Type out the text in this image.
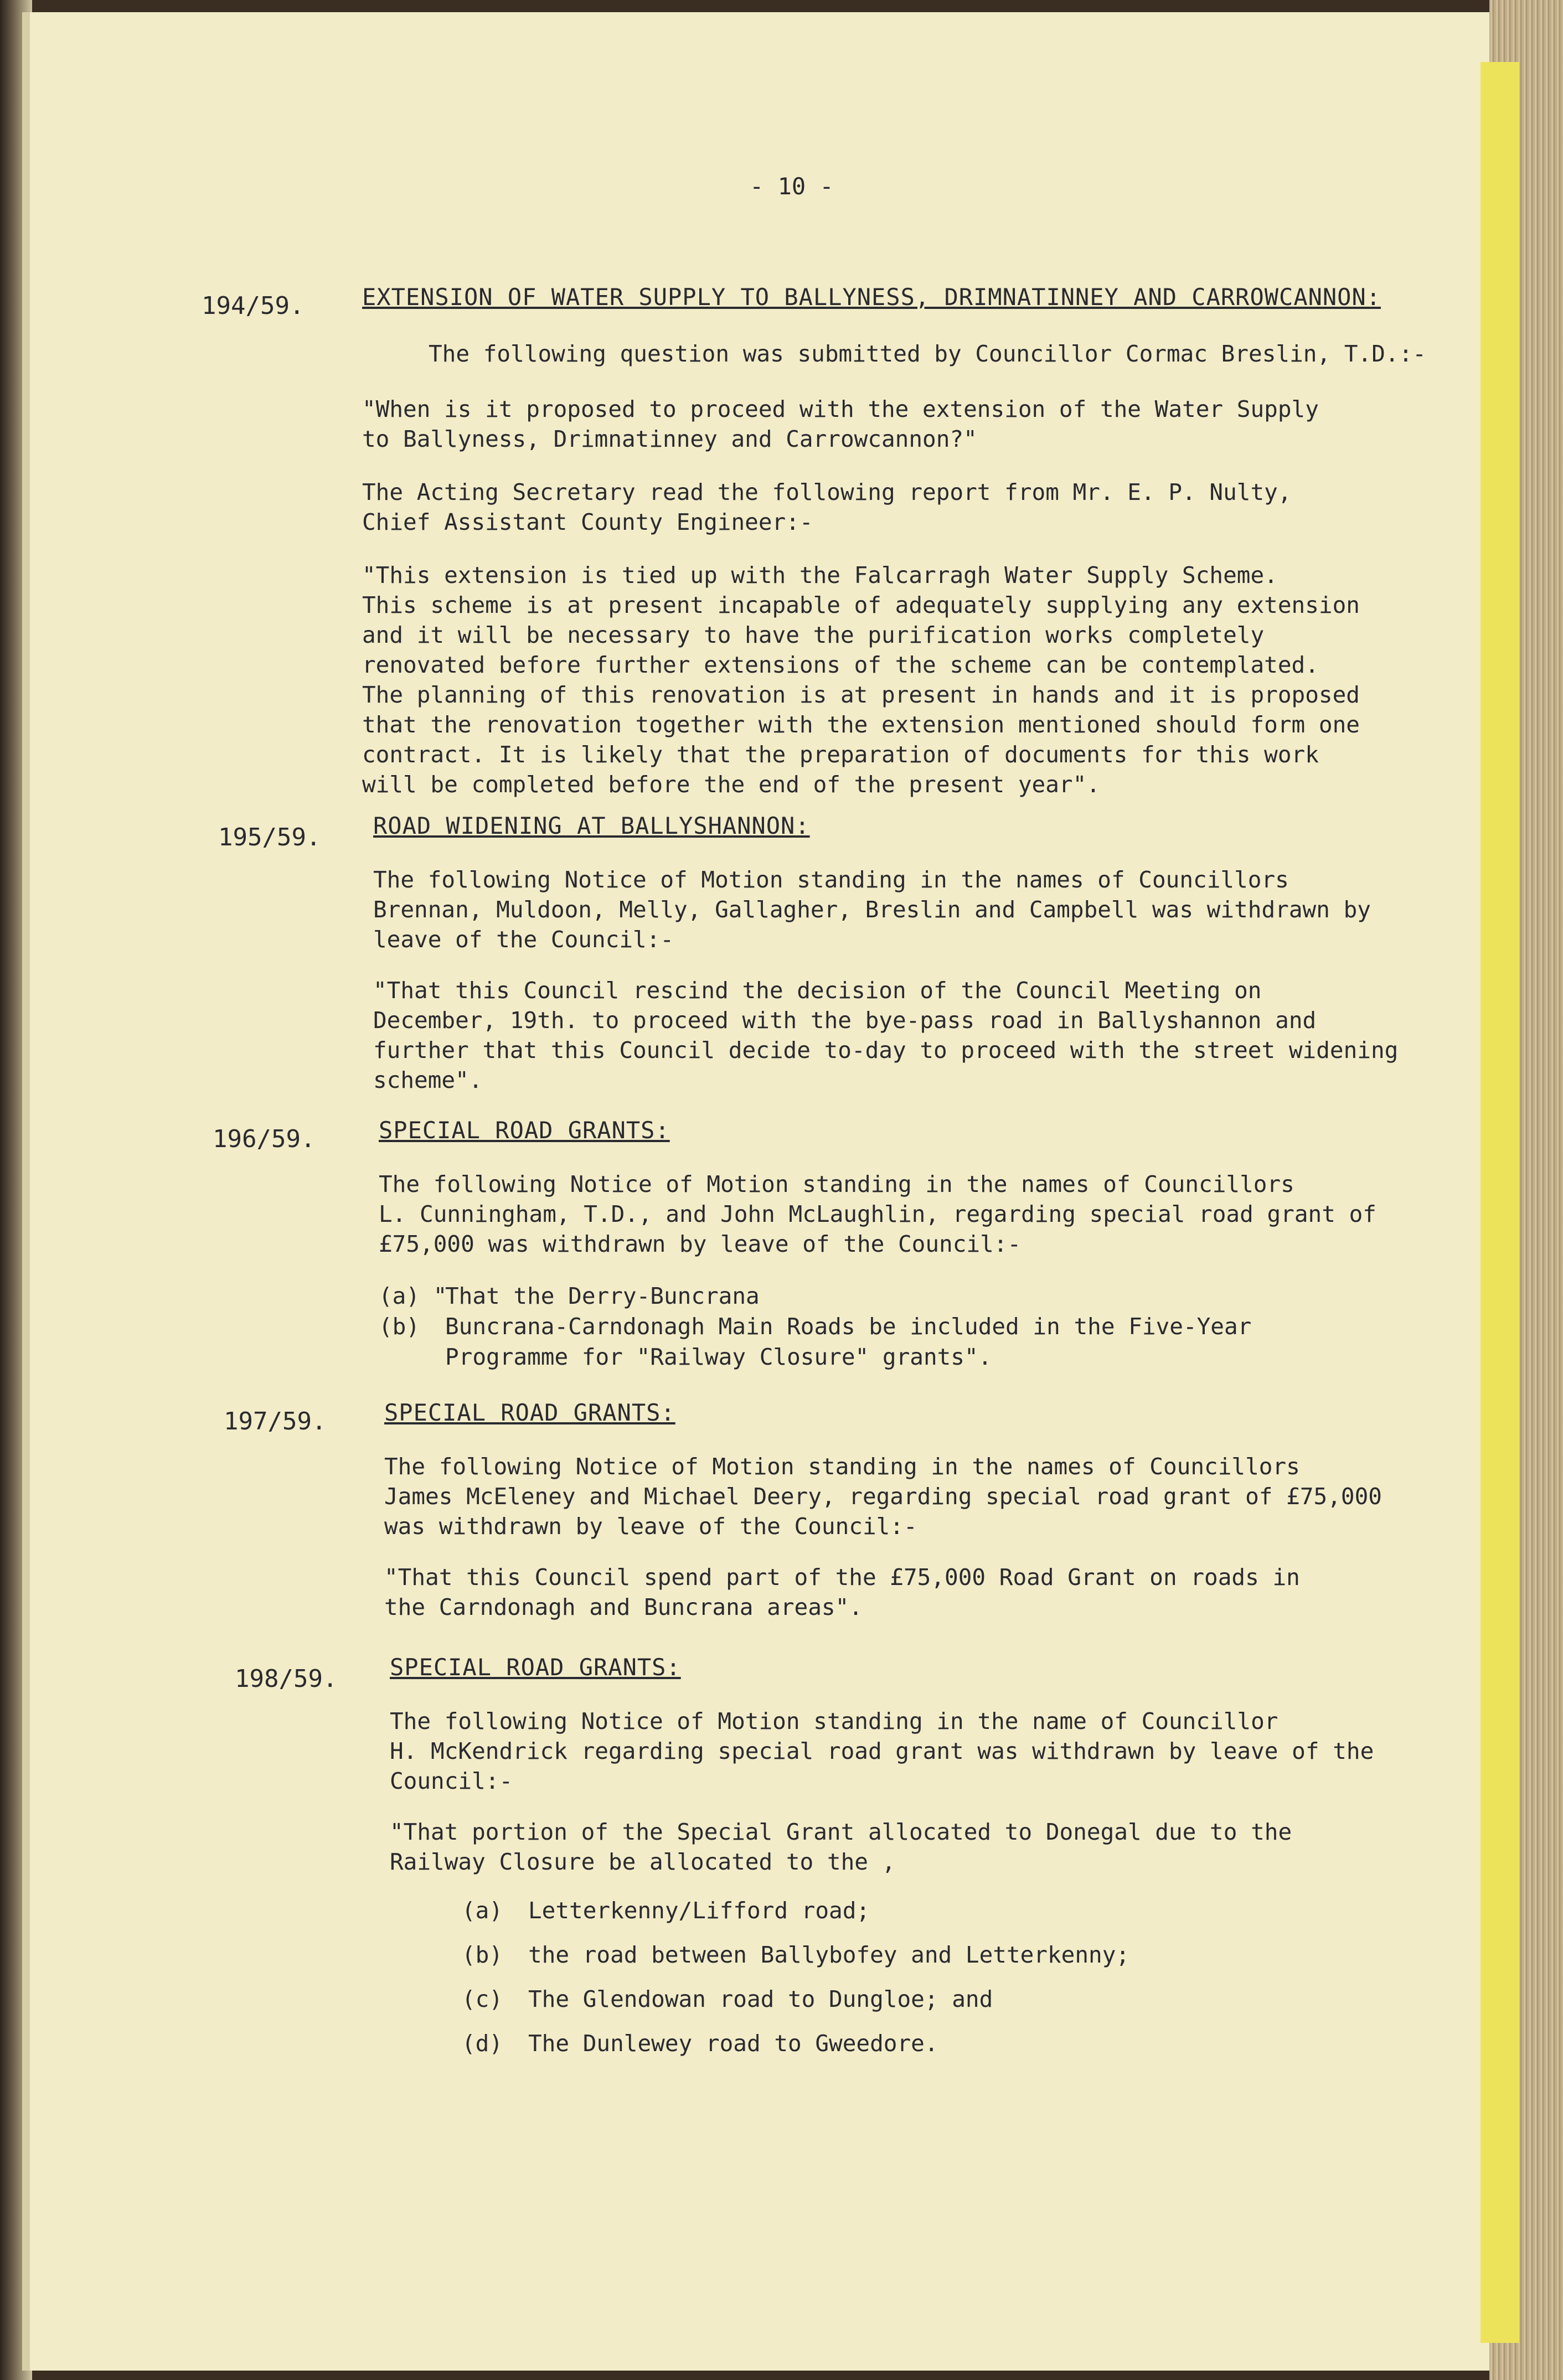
- 10 -
194/59. EXTENSION OF WATER SUPPLY TO BALLYNESS, DRIMNATINNEY AND CARROWCANNON:
The following question was submitted by Councillor Cormac Breslin, T.D.:-
"When is it proposed to proceed with the extension of the Water Supply
to Ballyness, Drimnatinney and Carrowcannon?"
The Acting Secretary read the following report from Mr. E. P. Nulty,
Chief Assistant County Engineer:-
"This extension is tied up with the Falcarragh Water Supply Scheme.
This scheme is at present incapable of adequately supplying any extension
and it will be necessary to have the purification works completely
renovated before further extensions of the scheme can be contemplated.
The planning of this renovation is at present in hands and it is proposed
that the renovation together with the extension mentioned should form one
contract. It is likely that the preparation of documents for this work
will be completed before the end of the present year".
195/59. ROAD WIDENING AT BALLYSHANNON:
The following Notice of Motion standing in the names of Councillors
Brennan, Muldoon, Melly, Gallagher, Breslin and Campbell was withdrawn by
leave of the Council:-
"That this Council rescind the decision of the Council Meeting on
December, 19th. to proceed with the bye-pass road in Ballyshannon and
further that this Council decide to-day to proceed with the street widening
scheme".
196/59.	SPECIAL ROAD GRANTS:
The following Notice of Motion standing in the names of Councillors
L. Cunningham, T.D., and John McLaughlin, regarding special road grant of
£75,000 was withdrawn by leave of the Council:-
(a) "That the Derry-Buncrana
(b) Buncrana-Carndonagh Main Roads be included in the Five-Year
Programme for "Railway Closure" grants".
197/59. SPECIAL ROAD GRANTS:
The following Notice of Motion standing in the names of Councillors
James McEleney and Michael Deery, regarding special road grant of £75,000
was withdrawn by leave of the Council:-
"That this Council spend part of the £75,000 Road Grant on roads in
the Carndonagh and Buncrana areas".
198/59. SPECIAL ROAD GRANTS:
The following Notice of Motion standing in the name of Councillor
H. McKendrick regarding special road grant was withdrawn by leave of the
Council:-
"That portion of the Special Grant allocated to Donegal due to the
Railway Closure be allocated to the ,
(a) Letterkenny/Lifford road;
(b) the road between Ballybofey and Letterkenny;
(c) The Glendowan road to Dungloe; and
(d) The Dunlewey road to Gweedore.
